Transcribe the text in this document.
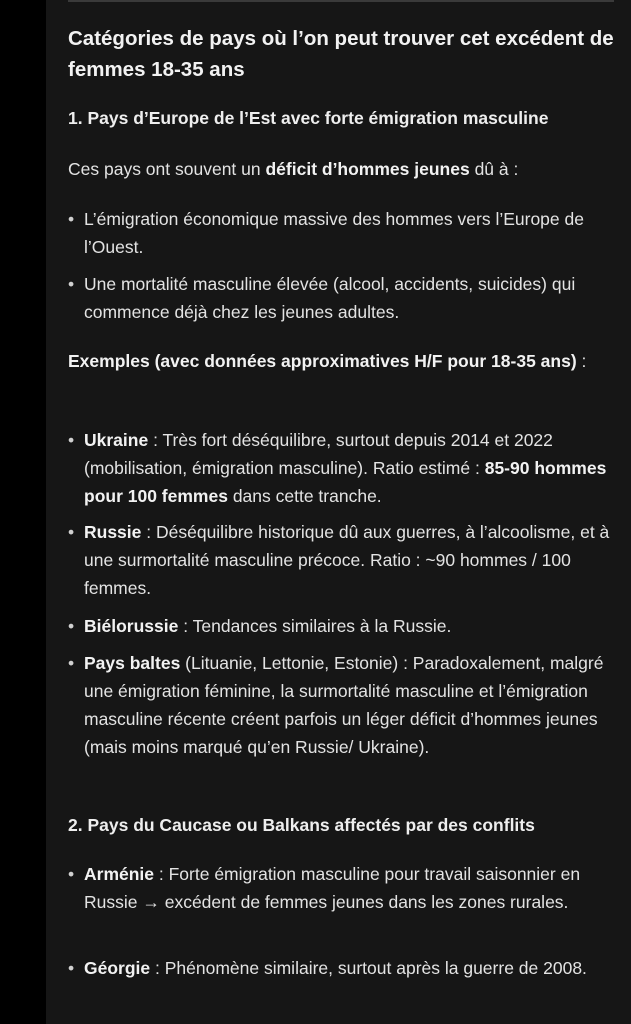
Catégories de pays où l’on peut trouver cet excédent de femmes 18-35 ans
1. Pays d’Europe de l’Est avec forte émigration masculine
Ces pays ont souvent un déficit d’hommes jeunes dû à :
• L’émigration économique massive des hommes vers l’Europe de l’Ouest.
• Une mortalité masculine élevée (alcool, accidents, suicides) qui commence déjà chez les jeunes adultes.
Exemples (avec données approximatives H/F pour 18-35 ans) :
• Ukraine : Très fort déséquilibre, surtout depuis 2014 et 2022 (mobilisation, émigration masculine). Ratio estimé : 85-90 hommes pour 100 femmes dans cette tranche.
• Russie : Déséquilibre historique dû aux guerres, à l’alcoolisme, et à une surmortalité masculine précoce. Ratio : ~90 hommes / 100 femmes.
• Biélorussie : Tendances similaires à la Russie.
• Pays baltes (Lituanie, Lettonie, Estonie) : Paradoxalement, malgré une émigration féminine, la surmortalité masculine et l’émigration masculine récente créent parfois un léger déficit d’hommes jeunes (mais moins marqué qu’en Russie/ Ukraine).
2. Pays du Caucase ou Balkans affectés par des conflits
• Arménie : Forte émigration masculine pour travail saisonnier en Russie → excédent de femmes jeunes dans les zones rurales.
• Géorgie : Phénomène similaire, surtout après la guerre de 2008.
